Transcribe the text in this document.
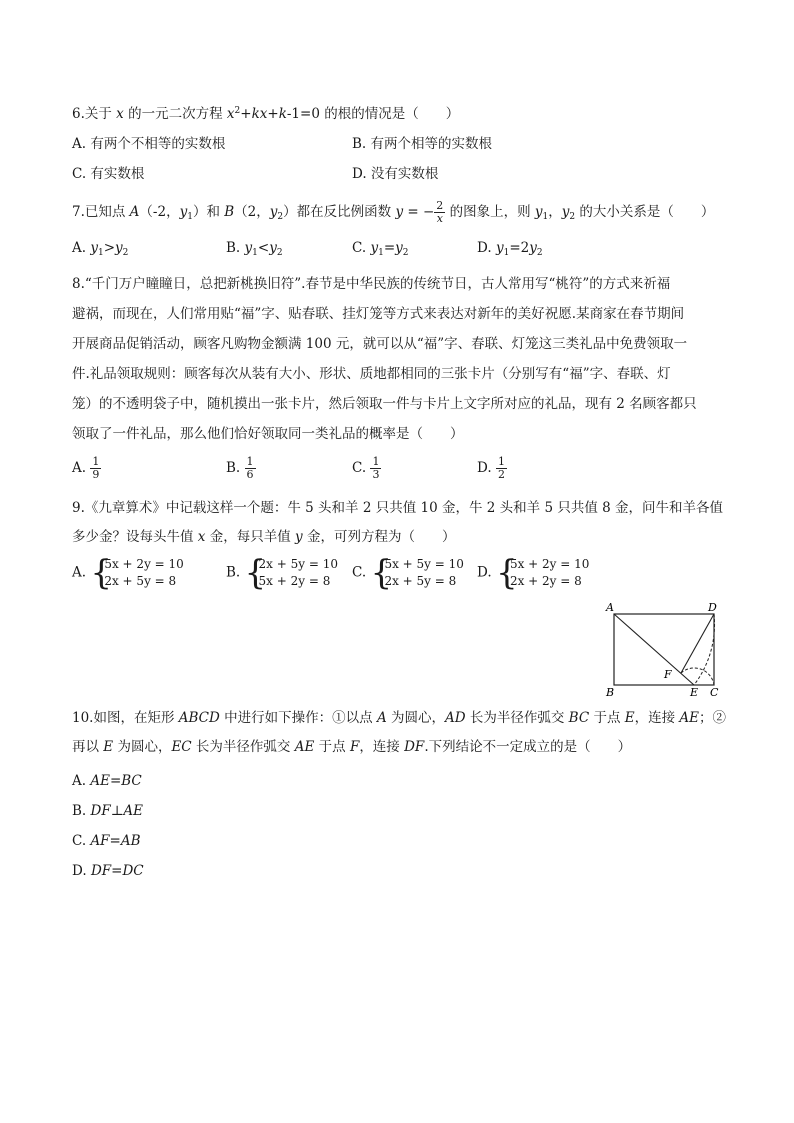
6.关于 x 的一元二次方程 $x^2+kx+k-1=0$ 的根的情况是（　　）
A. 有两个不相等的实数根	B. 有两个相等的实数根
C. 有实数根	D. 没有实数根
7.已知点 A（-2，$y_1$）和 B（2，$y_2$）都在反比例函数 y = − $\frac{2}{x}$ 的图象上，则 $y_1$，$y_2$ 的大小关系是（　　）
A. $y_1>y_2$	B. $y_1<y_2$	C. $y_1=y_2$	D. $y_1=2y_2$
8.“千门万户瞳瞳日，总把新桃换旧符”.春节是中华民族的传统节日，古人常用写“桃符”的方式来祈福
避祸，而现在，人们常用贴“福”字、贴春联、挂灯笼等方式来表达对新年的美好祝愿.某商家在春节期间
开展商品促销活动，顾客凡购物金额满 100 元，就可以从“福”字、春联、灯笼这三类礼品中免费领取一
件.礼品领取规则：顾客每次从装有大小、形状、质地都相同的三张卡片（分别写有“福”字、春联、灯
笼）的不透明袋子中，随机摸出一张卡片，然后领取一件与卡片上文字所对应的礼品，现有 2 名顾客都只
领取了一件礼品，那么他们恰好领取同一类礼品的概率是（　　）
A. $\frac{1}{9}$	B. $\frac{1}{6}$	C. $\frac{1}{3}$	D. $\frac{1}{2}$
9.《九章算术》中记载这样一个题：牛 5 头和羊 2 只共值 10 金，牛 2 头和羊 5 只共值 8 金，问牛和羊各值
多少金？设每头牛值 x 金，每只羊值 y 金，可列方程为（　　）
A. {
5x + 2y = 10
2x + 5y = 8
B. {
2x + 5y = 10
5x + 2y = 8
C. {
5x + 5y = 10
2x + 5y = 8
D. {
5x + 2y = 10
2x + 2y = 8
A	D
B	C
E
F
10.如图，在矩形 ABCD 中进行如下操作：①以点 A 为圆心，AD 长为半径作弧交 BC 于点 E，连接 AE；②
再以 E 为圆心，EC 长为半径作弧交 AE 于点 F，连接 DF.下列结论不一定成立的是（　　）
A. AE=BC
B. DF⊥AE
C. AF=AB
D. DF=DC
